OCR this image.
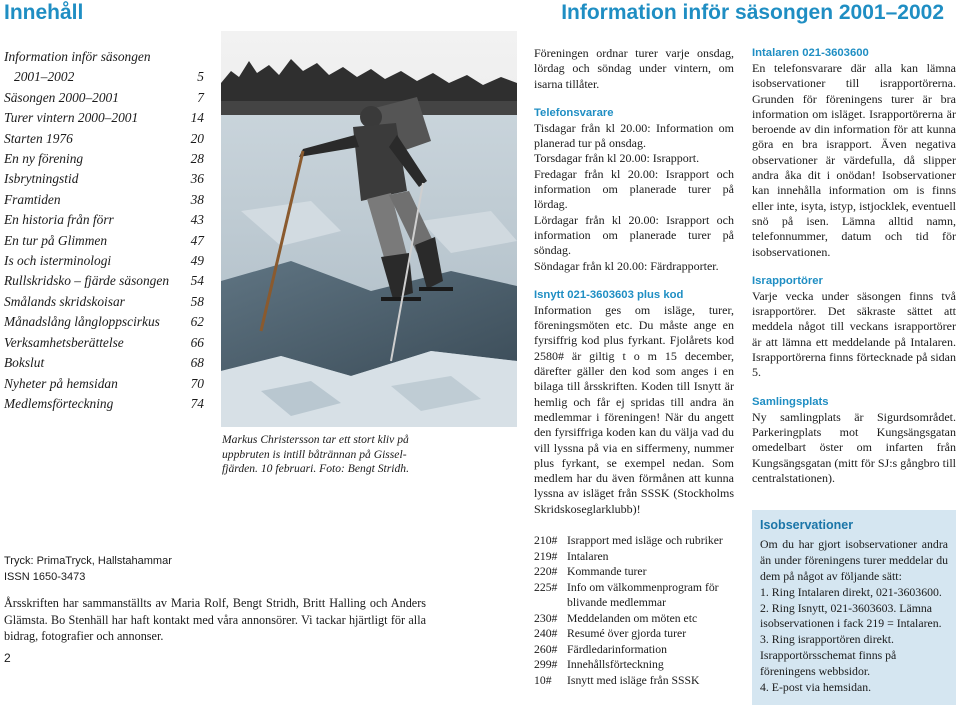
Innehåll	Information inför säsongen 2001–2002
Information inför säsongen
2001–2002	5
Säsongen 2000–2001	7
Turer vintern 2000–2001	14
Starten 1976	20
En ny förening	28
Isbrytningstid	36
Framtiden	38
En historia från förr	43
En tur på Glimmen	47
Is och isterminologi	49
Rullskridsko – fjärde säsongen	54
Smålands skridskoisar	58
Månadslång långloppscirkus	62
Verksamhetsberättelse	66
Bokslut	68
Nyheter på hemsidan	70
Medlemsförteckning	74
Tryck: PrimaTryck, Hallstahammar
ISSN 1650-3473
Årsskriften har sammanställts av Maria Rolf, Bengt Stridh, Britt Halling och Anders Glämsta. Bo Stenhäll har haft kontakt med våra annonsörer. Vi tackar hjärtligt för alla bidrag, fotografier och annonser.
2
Markus Christersson tar ett stort kliv på uppbruten is intill båtrännan på Gisselfjärden. 10 februari. Foto: Bengt Stridh.

Föreningen ordnar turer varje onsdag, lördag och söndag under vintern, om isarna tillåter.

Telefonsvarare

Tisdagar från kl 20.00: Information om planerad tur på onsdag.

Torsdagar från kl 20.00: Israpport.

Fredagar från kl 20.00: Israpport och information om planerade turer på lördag.

Lördagar från kl 20.00: Israpport och information om planerade turer på söndag.

Söndagar från kl 20.00: Färdrapporter.

Isnytt 021-3603603 plus kod

Information ges om isläge, turer, föreningsmöten etc. Du måste ange en fyrsiffrig kod plus fyrkant. Fjolårets kod 2580# är giltig t o m 15 december, därefter gäller den kod som anges i en bilaga till årsskriften. Koden till Isnytt är hemlig och får ej spridas till andra än medlemmar i föreningen! När du angett den fyrsiffriga koden kan du välja vad du vill lyssna på via en siffermeny, nummer plus fyrkant, se exempel nedan. Som medlem har du även förmånen att kunna lyssna av isläget från SSSK (Stockholms Skridskoseglarklubb)!

210# Israpport med isläge och rubriker
219# Intalaren
220# Kommande turer
225# Info om välkommenprogram för blivande medlemmar
230# Meddelanden om möten etc
240# Resumé över gjorda turer
260# Färdledarinformation
299# Innehållsförteckning
10#	Isnytt med isläge från SSSK

Intalaren 021-3603600

En telefonsvarare där alla kan lämna isobservationer till israpportörerna. Grunden för föreningens turer är bra information om isläget. Israpportörerna är beroende av din information för att kunna göra en bra israpport. Även negativa observationer är värdefulla, då slipper andra åka dit i onödan! Isobservationer kan innehålla information om is finns eller inte, isyta, istyp, istjocklek, eventuell snö på isen. Lämna alltid namn, telefonnummer, datum och tid för isobservationen.

Israpportörer

Varje vecka under säsongen finns två israpportörer. Det säkraste sättet att meddela något till veckans israpportörer är att lämna ett meddelande på Intalaren. Israpportörerna finns förtecknade på sidan 5.

Samlingsplats

Ny samlingplats är Sigurdsområdet. Parkeringplats mot Kungsängsgatan omedelbart öster om infarten från Kungsängsgatan (mitt för SJ:s gångbro till centralstationen).

Isobservationer

Om du har gjort isobservationer andra än under föreningens turer meddelar du dem på något av följande sätt:

1. Ring Intalaren direkt, 021-3603600.
2. Ring Isnytt, 021-3603603. Lämna isobservationen i fack 219 = Intalaren.
3. Ring israpportören direkt. Israpportörsschemat finns på föreningens webbsidor.
4. E-post via hemsidan.
